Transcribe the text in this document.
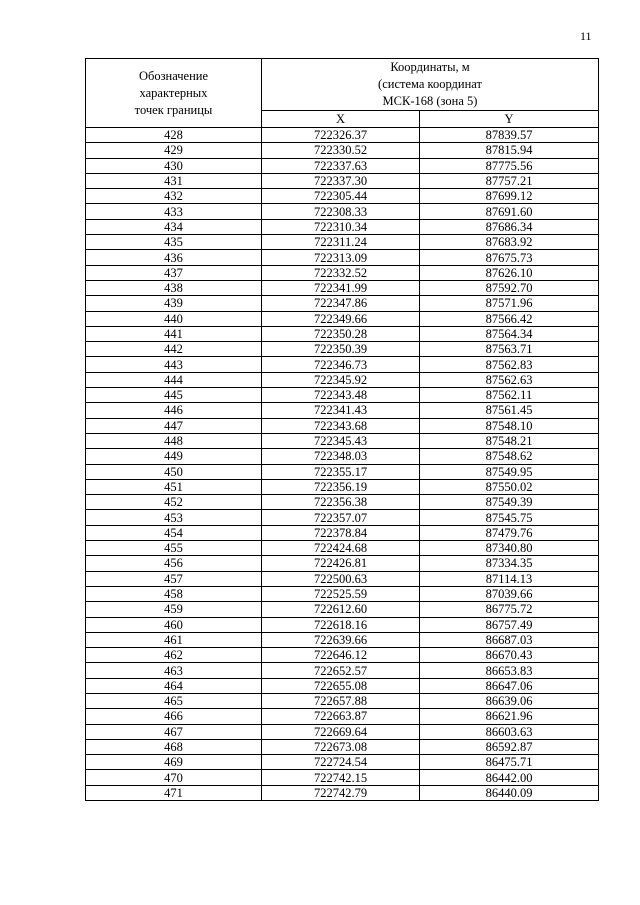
11
Обозначение
характерных
точек границы	Координаты, м
(система координат
МСК-168 (зона 5)	

	X	Y
428	722326.37	87839.57
429	722330.52	87815.94
430	722337.63	87775.56
431	722337.30	87757.21
432	722305.44	87699.12
433	722308.33	87691.60
434	722310.34	87686.34
435	722311.24	87683.92
436	722313.09	87675.73
437	722332.52	87626.10
438	722341.99	87592.70
439	722347.86	87571.96
440	722349.66	87566.42
441	722350.28	87564.34
442	722350.39	87563.71
443	722346.73	87562.83
444	722345.92	87562.63
445	722343.48	87562.11
446	722341.43	87561.45
447	722343.68	87548.10
448	722345.43	87548.21
449	722348.03	87548.62
450	722355.17	87549.95
451	722356.19	87550.02
452	722356.38	87549.39
453	722357.07	87545.75
454	722378.84	87479.76
455	722424.68	87340.80
456	722426.81	87334.35
457	722500.63	87114.13
458	722525.59	87039.66
459	722612.60	86775.72
460	722618.16	86757.49
461	722639.66	86687.03
462	722646.12	86670.43
463	722652.57	86653.83
464	722655.08	86647.06
465	722657.88	86639.06
466	722663.87	86621.96
467	722669.64	86603.63
468	722673.08	86592.87
469	722724.54	86475.71
470	722742.15	86442.00
471	722742.79	86440.09
